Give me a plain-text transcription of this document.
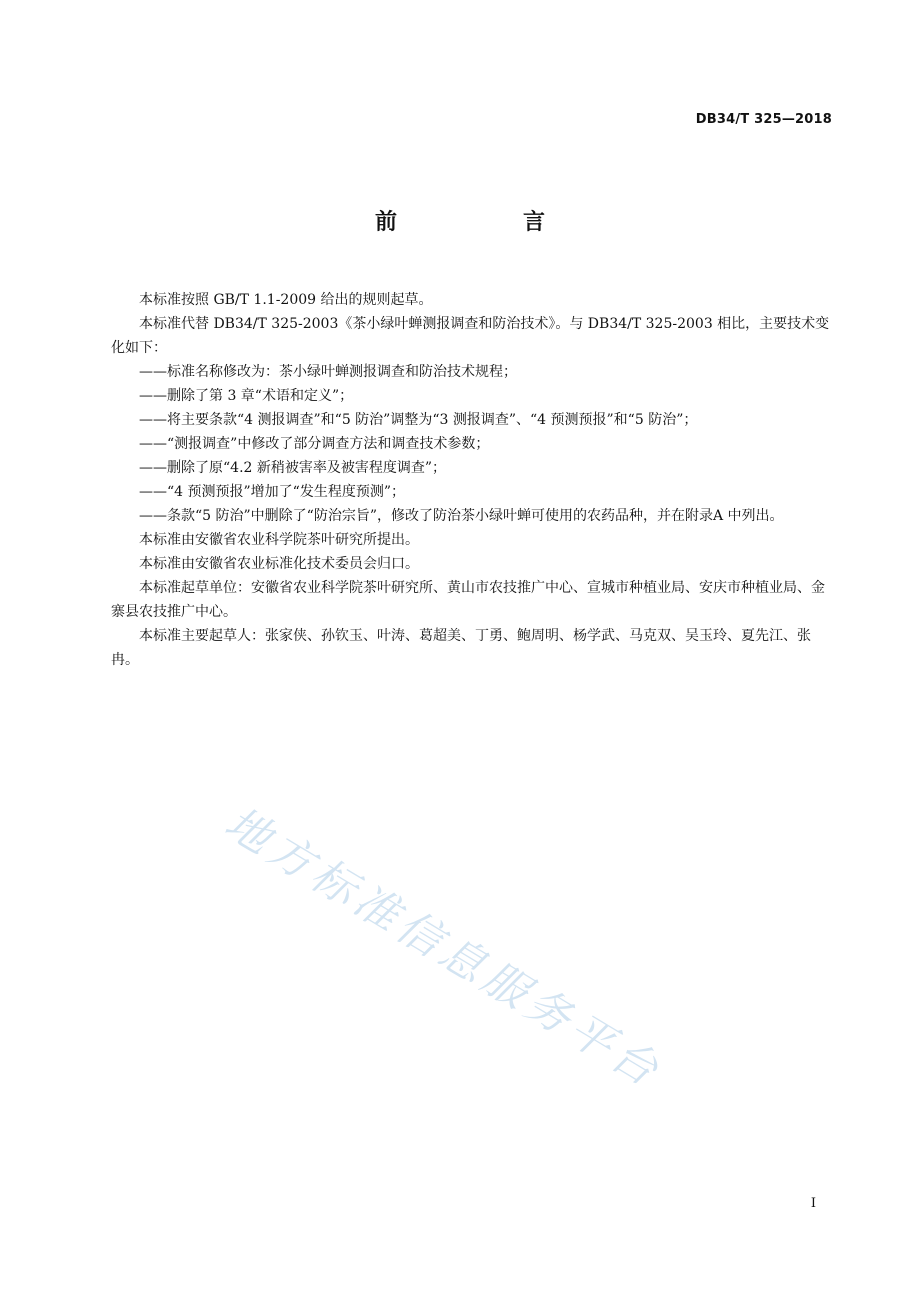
DB34/T 325—2018
前　言

本标准按照 GB/T 1.1-2009 给出的规则起草。

本标准代替 DB34/T 325-2003《茶小绿叶蝉测报调查和防治技术》。与 DB34/T 325-2003 相比，主要技术变化如下：

——标准名称修改为：茶小绿叶蝉测报调查和防治技术规程；

——删除了第 3 章“术语和定义”；

——将主要条款“4 测报调查”和“5 防治”调整为“3 测报调查”、“4 预测预报”和“5 防治”；

——“测报调查”中修改了部分调查方法和调查技术参数；

——删除了原“4.2 新稍被害率及被害程度调查”；

——“4 预测预报”增加了“发生程度预测”；

——条款“5 防治”中删除了“防治宗旨”，修改了防治茶小绿叶蝉可使用的农药品种，并在附录A 中列出。

本标准由安徽省农业科学院茶叶研究所提出。

本标准由安徽省农业标准化技术委员会归口。

本标准起草单位：安徽省农业科学院茶叶研究所、黄山市农技推广中心、宣城市种植业局、安庆市种植业局、金寨县农技推广中心。

本标准主要起草人：张家侠、孙钦玉、叶涛、葛超美、丁勇、鲍周明、杨学武、马克双、吴玉玲、夏先江、张冉。

地方标准信息服务平台
I
